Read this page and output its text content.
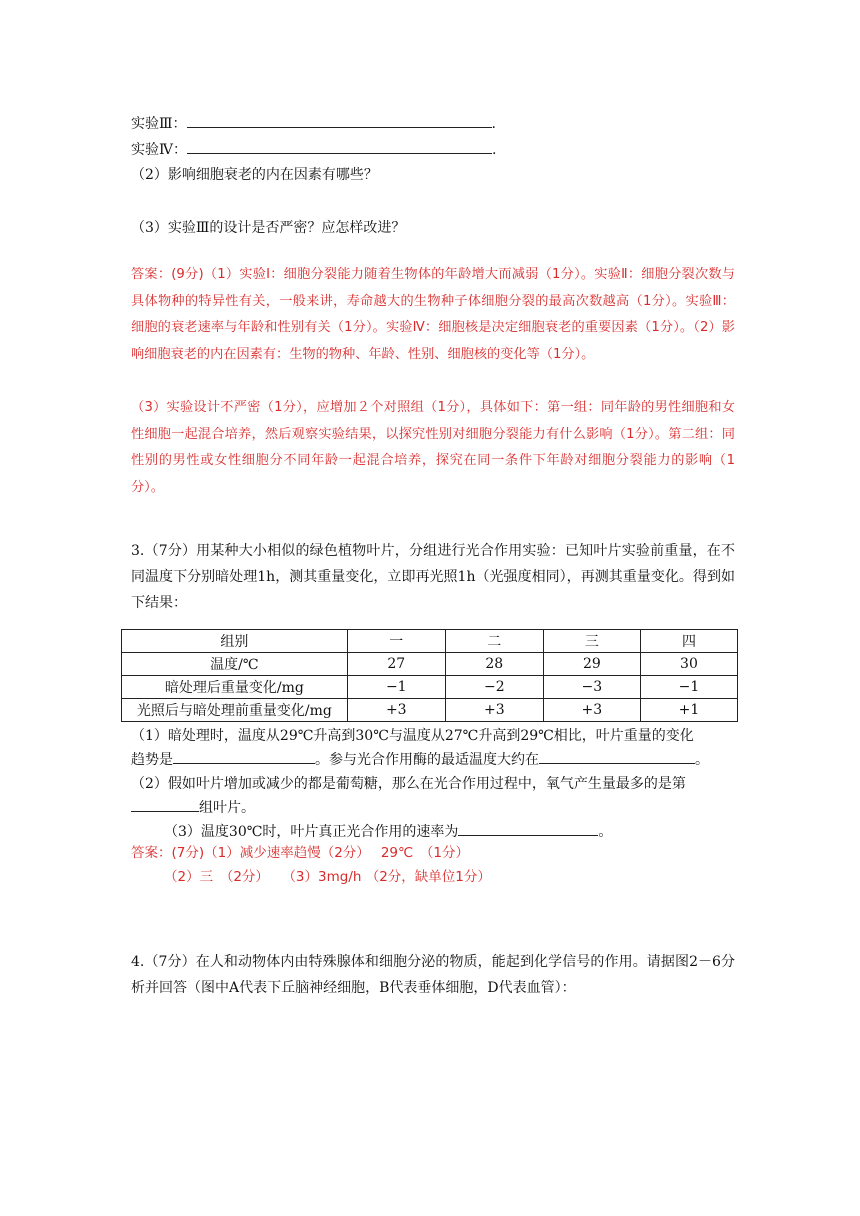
实验Ⅲ：	.
实验Ⅳ：	.
（2）影响细胞衰老的内在因素有哪些？
（3）实验Ⅲ的设计是否严密？应怎样改进？
答案：(9分)（1）实验Ⅰ：细胞分裂能力随着生物体的年龄增大而减弱（1分）。实验Ⅱ：细胞分裂次数与具体物种的特异性有关，一般来讲，寿命越大的生物种子体细胞分裂的最高次数越高（1分）。实验Ⅲ：细胞的衰老速率与年龄和性别有关（1分）。实验Ⅳ：细胞核是决定细胞衰老的重要因素（1分）。（2）影响细胞衰老的内在因素有：生物的物种、年龄、性别、细胞核的变化等（1分）。
（3）实验设计不严密（1分），应增加２个对照组（1分），具体如下：第一组：同年龄的男性细胞和女性细胞一起混合培养，然后观察实验结果，以探究性别对细胞分裂能力有什么影响（1分）。第二组：同性别的男性或女性细胞分不同年龄一起混合培养，探究在同一条件下年龄对细胞分裂能力的影响（1分）。
3.（7分）用某种大小相似的绿色植物叶片，分组进行光合作用实验：已知叶片实验前重量，在不同温度下分别暗处理1h，测其重量变化，立即再光照1h（光强度相同），再测其重量变化。得到如下结果：
组别	一	二	三	四
温度/℃	27	28	29	30
暗处理后重量变化/mg	−1	−2	−3	−1
光照后与暗处理前重量变化/mg	+3	+3	+3	+1
（1）暗处理时，温度从29℃升高到30℃与温度从27℃升高到29℃相比，叶片重量的变化
趋势是	。参与光合作用酶的最适温度大约在	。
（2）假如叶片增加或减少的都是葡萄糖，那么在光合作用过程中，氧气产生量最多的是第
组叶片。
（3）温度30℃时，叶片真正光合作用的速率为	。
答案：(7分)（1）减少速率趋慢（2分）　 29℃　（1分）
（2）三　（2分）　　（3）3mg/h （2分，缺单位1分）
4.（7分）在人和动物体内由特殊腺体和细胞分泌的物质，能起到化学信号的作用。请据图2－6分析并回答（图中A代表下丘脑神经细胞，B代表垂体细胞，D代表血管）：
